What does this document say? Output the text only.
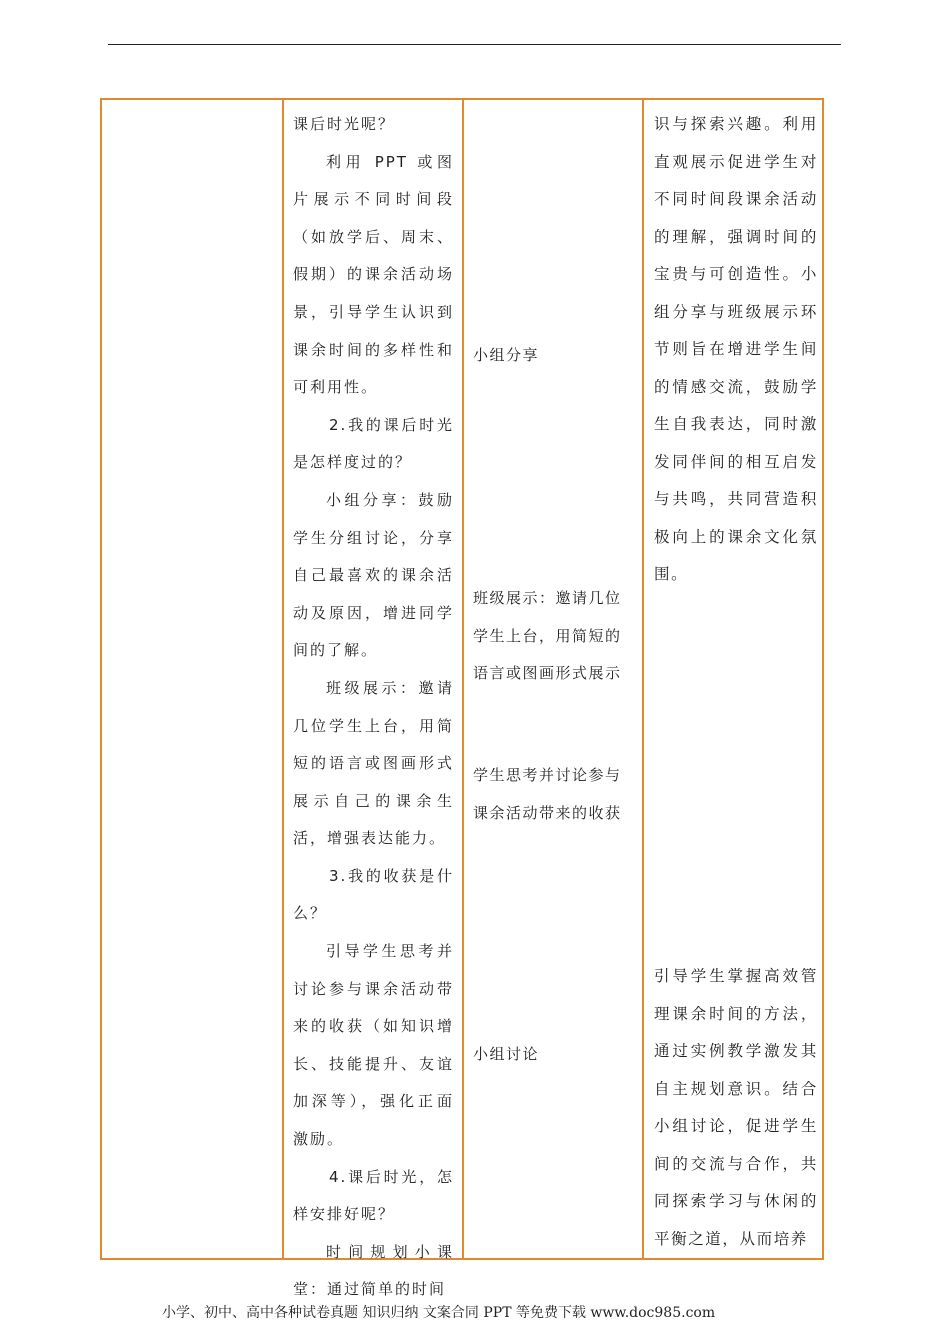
课后时光呢？

利用 PPT 或图片展示不同时间段（如放学后、周末、假期）的课余活动场景，引导学生认识到课余时间的多样性和可利用性。

2.我的课后时光是怎样度过的？

小组分享：鼓励学生分组讨论，分享自己最喜欢的课余活动及原因，增进同学间的了解。

班级展示：邀请几位学生上台，用简短的语言或图画形式展示自己的课余生活，增强表达能力。

3.我的收获是什么？

引导学生思考并讨论参与课余活动带来的收获（如知识增长、技能提升、友谊加深等），强化正面激励。

4.课后时光，怎样安排好呢？

时间规划小课堂：通过简单的时间

小组分享

班级展示：邀请几位学生上台，用简短的语言或图画形式展示

学生思考并讨论参与课余活动带来的收获

小组讨论

识与探索兴趣。利用直观展示促进学生对不同时间段课余活动的理解，强调时间的宝贵与可创造性。小组分享与班级展示环节则旨在增进学生间的情感交流，鼓励学生自我表达，同时激发同伴间的相互启发与共鸣，共同营造积极向上的课余文化氛围。

引导学生掌握高效管理课余时间的方法，通过实例教学激发其自主规划意识。结合小组讨论，促进学生间的交流与合作，共同探索学习与休闲的平衡之道，从而培养

小学、初中、高中各种试卷真题 知识归纳 文案合同 PPT 等免费下载 www.doc985.com
